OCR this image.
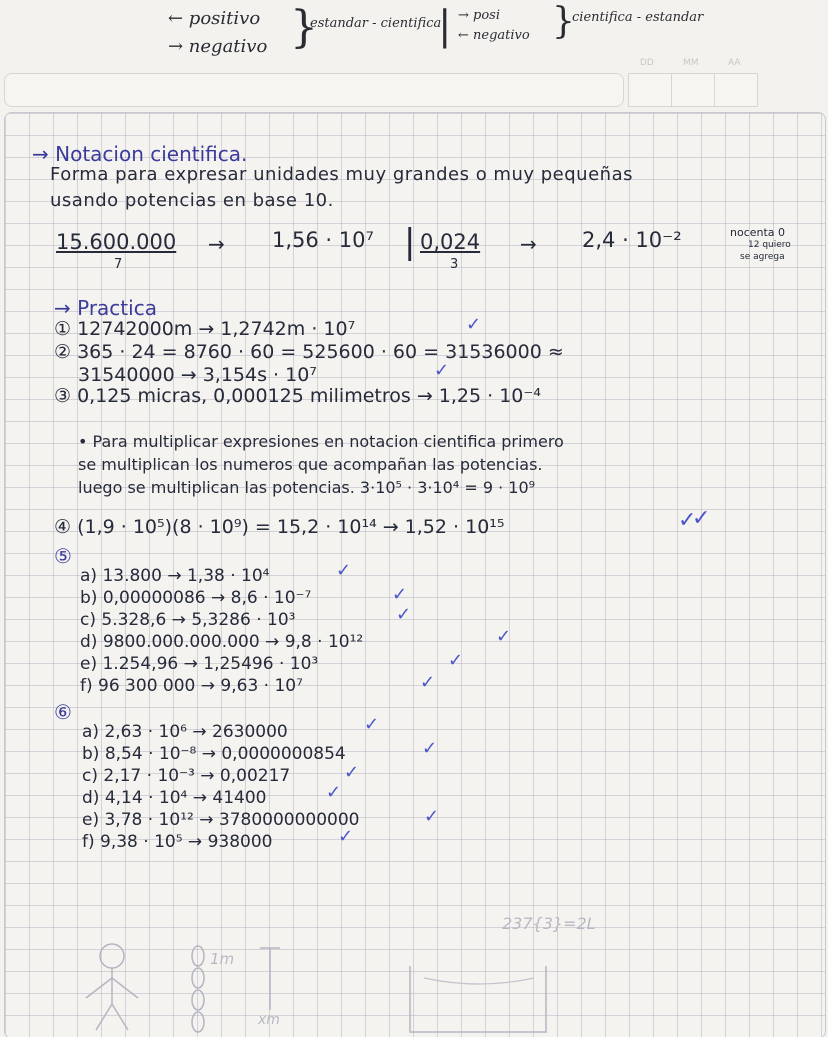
← positivo
→ negativo }
estandar - cientifica
| → posi
← negativo }
cientifica - estandar
DD	MM	AA
→ Notacion cientifica.
Forma para expresar unidades muy grandes o muy pequeñas
usando potencias en base 10.
15.600.000
7
→ 1,56 · 10⁷ | 0,024
3
→ 2,4 · 10⁻²	nocenta 0
12 quiero
se agrega
→ Practica
① 12742000m → 1,2742m · 10⁷	✓
② 365 · 24 = 8760 · 60 = 525600 · 60 = 31536000 ≈
31540000 → 3,154s · 10⁷	✓
③ 0,125 micras, 0,000125 milimetros → 1,25 · 10⁻⁴
• Para multiplicar expresiones en notacion cientifica primero
se multiplican los numeros que acompañan las potencias.
luego se multiplican las potencias. 3·10⁵ · 3·10⁴ = 9 · 10⁹
④ (1,9 · 10⁵)(8 · 10⁹) = 15,2 · 10¹⁴ → 1,52 · 10¹⁵	✓
✓
⑤
a) 13.800 → 1,38 · 10⁴	✓
b) 0,00000086 → 8,6 · 10⁻⁷	✓
c) 5.328,6 → 5,3286 · 10³	✓
d) 9800.000.000.000 → 9,8 · 10¹²	✓
e) 1.254,96 → 1,25496 · 10³	✓
f) 96 300 000 → 9,63 · 10⁷	✓
⑥
a) 2,63 · 10⁶ → 2630000	✓
b) 8,54 · 10⁻⁸ → 0,0000000854	✓
c) 2,17 · 10⁻³ → 0,00217	✓
d) 4,14 · 10⁴ → 41400	✓
e) 3,78 · 10¹² → 3780000000000	✓
f) 9,38 · 10⁵ → 938000	✓
237{3}=2L
1m
xm
